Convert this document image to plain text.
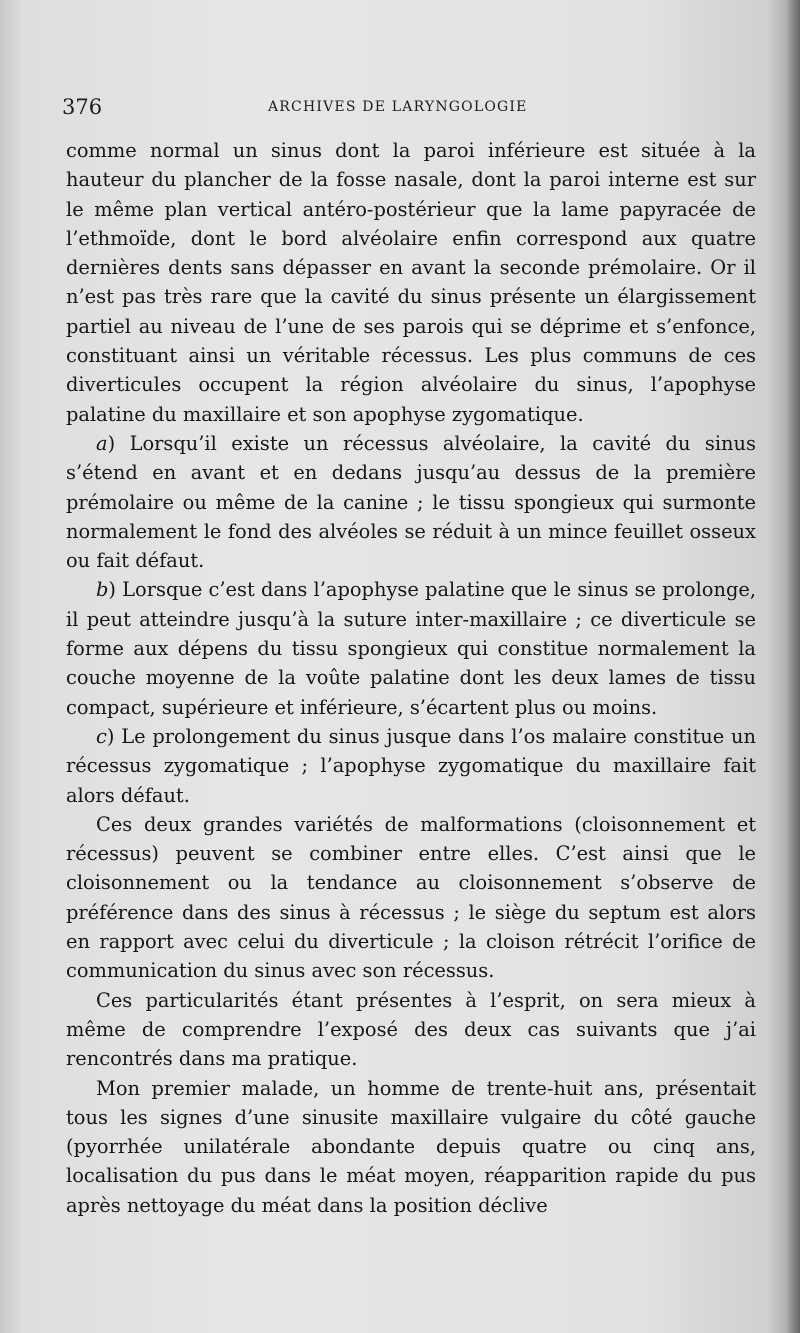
376	ARCHIVES DE LARYNGOLOGIE

comme normal un sinus dont la paroi inférieure est située à la hauteur du plancher de la fosse nasale, dont la paroi interne est sur le même plan vertical antéro-postérieur que la lame papyracée de l’ethmoïde, dont le bord alvéolaire enfin correspond aux quatre dernières dents sans dépasser en avant la seconde prémolaire. Or il n’est pas très rare que la cavité du sinus présente un élargissement partiel au niveau de l’une de ses parois qui se déprime et s’enfonce, constituant ainsi un véritable récessus. Les plus communs de ces diverticules occupent la région alvéolaire du sinus, l’apophyse palatine du maxillaire et son apophyse zygomatique.

a) Lorsqu’il existe un récessus alvéolaire, la cavité du sinus s’étend en avant et en dedans jusqu’au dessus de la première prémolaire ou même de la canine ; le tissu spongieux qui surmonte normalement le fond des alvéoles se réduit à un mince feuillet osseux ou fait défaut.

b) Lorsque c’est dans l’apophyse palatine que le sinus se prolonge, il peut atteindre jusqu’à la suture inter-maxillaire ; ce diverticule se forme aux dépens du tissu spongieux qui constitue normalement la couche moyenne de la voûte palatine dont les deux lames de tissu compact, supérieure et inférieure, s’écartent plus ou moins.

c) Le prolongement du sinus jusque dans l’os malaire constitue un récessus zygomatique ; l’apophyse zygomatique du maxillaire fait alors défaut.

Ces deux grandes variétés de malformations (cloisonnement et récessus) peuvent se combiner entre elles. C’est ainsi que le cloisonnement ou la tendance au cloisonnement s’observe de préférence dans des sinus à récessus ; le siège du septum est alors en rapport avec celui du diverticule ; la cloison rétrécit l’orifice de communication du sinus avec son récessus.

Ces particularités étant présentes à l’esprit, on sera mieux à même de comprendre l’exposé des deux cas suivants que j’ai rencontrés dans ma pratique.

Mon premier malade, un homme de trente-huit ans, présentait tous les signes d’une sinusite maxillaire vulgaire du côté gauche (pyorrhée unilatérale abondante depuis quatre ou cinq ans, localisation du pus dans le méat moyen, réapparition rapide du pus après nettoyage du méat dans la position déclive
